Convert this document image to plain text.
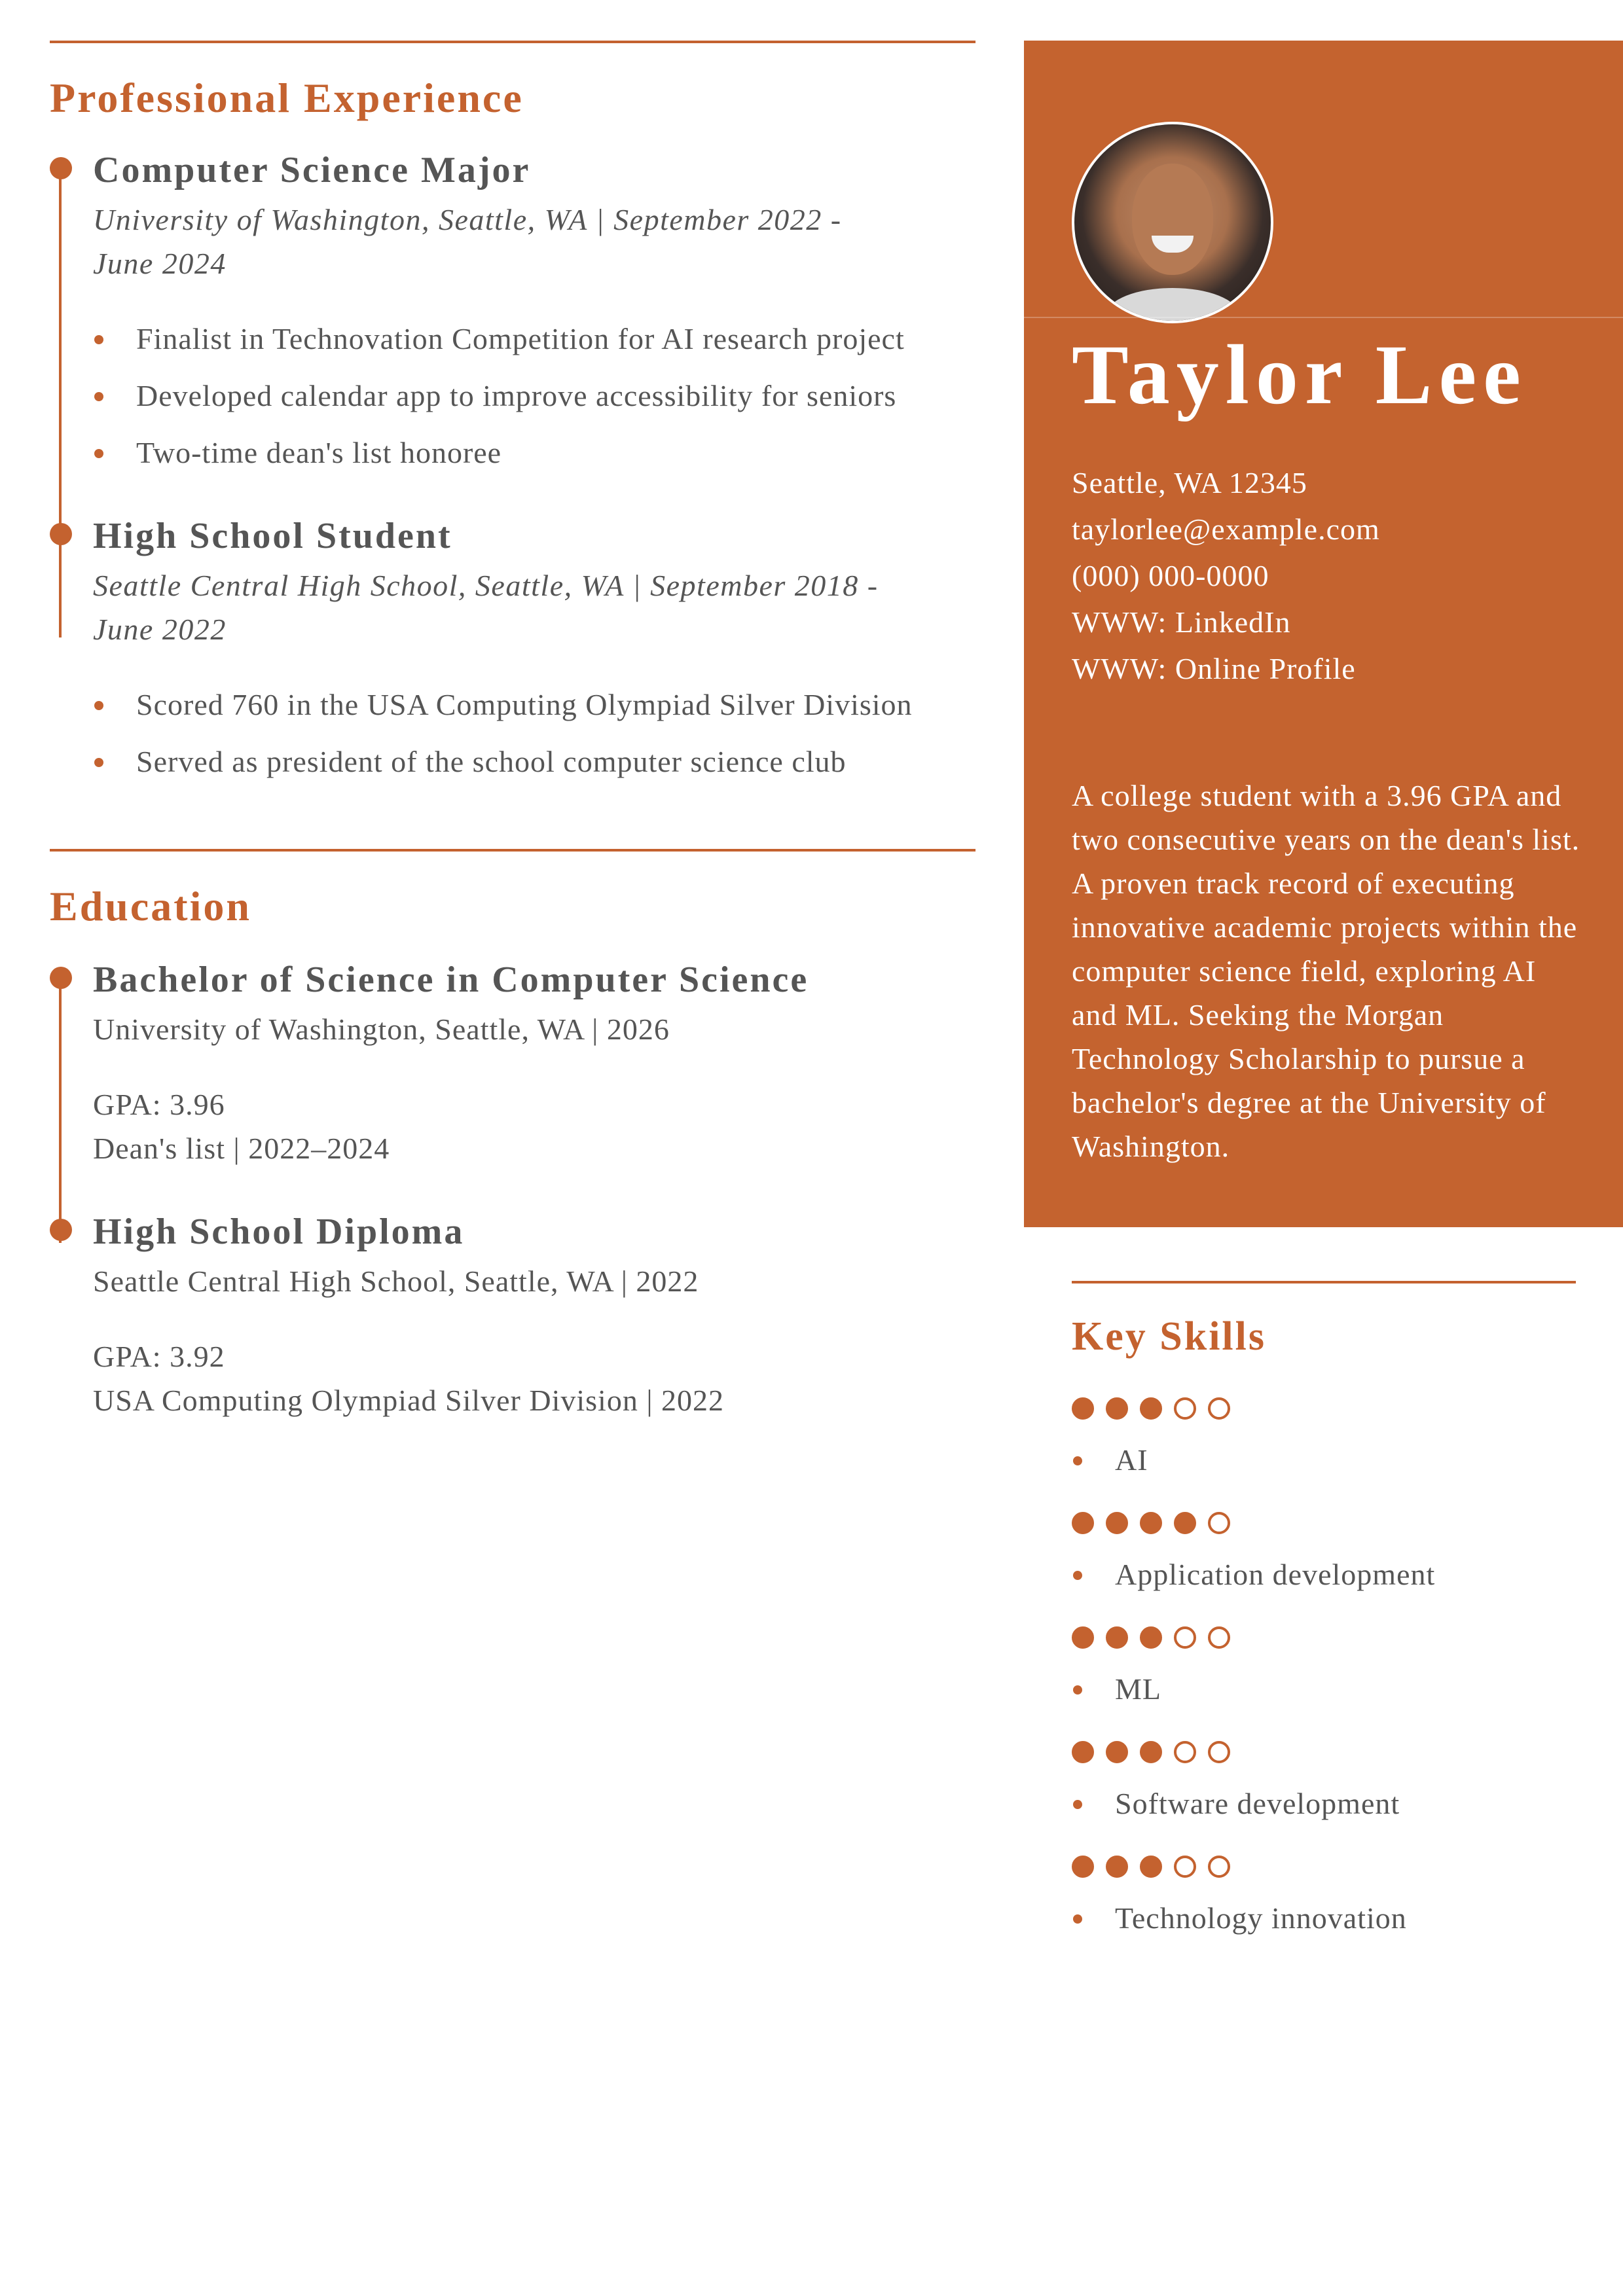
Professional Experience
Computer Science Major

University of Washington, Seattle, WA | September 2022 -

June 2024

Finalist in Technovation Competition for AI research project
Developed calendar app to improve accessibility for seniors
Two-time dean's list honoree
High School Student

Seattle Central High School, Seattle, WA | September 2018 -

June 2022

Scored 760 in the USA Computing Olympiad Silver Division
Served as president of the school computer science club
Education
Bachelor of Science in Computer Science

University of Washington, Seattle, WA | 2026

GPA: 3.96

Dean's list | 2022–2024

High School Diploma

Seattle Central High School, Seattle, WA | 2022

GPA: 3.92

USA Computing Olympiad Silver Division | 2022

Taylor Lee
Seattle, WA 12345
taylorlee@example.com
(000) 000-0000
WWW: LinkedIn
WWW: Online Profile

A college student with a 3.96 GPA and two consecutive years on the dean's list. A proven track record of executing innovative academic projects within the computer science field, exploring AI and ML. Seeking the Morgan Technology Scholarship to pursue a bachelor's degree at the University of Washington.

Key Skills
AI
Application development
ML
Software development
Technology innovation
